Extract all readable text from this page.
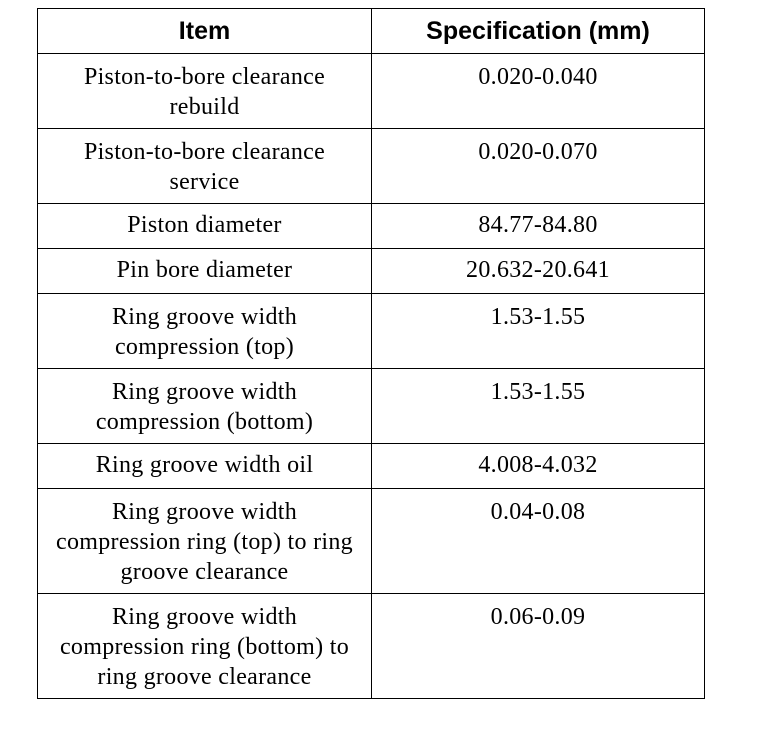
Item	Specification (mm)
Piston-to-bore clearance rebuild	0.020-0.040
Piston-to-bore clearance service	0.020-0.070
Piston diameter	84.77-84.80
Pin bore diameter	20.632-20.641
Ring groove width compression (top)	1.53-1.55
Ring groove width compression (bottom)	1.53-1.55
Ring groove width oil	4.008-4.032
Ring groove width compression ring (top) to ring groove clearance	0.04-0.08
Ring groove width compression ring (bottom) to ring groove clearance	0.06-0.09
